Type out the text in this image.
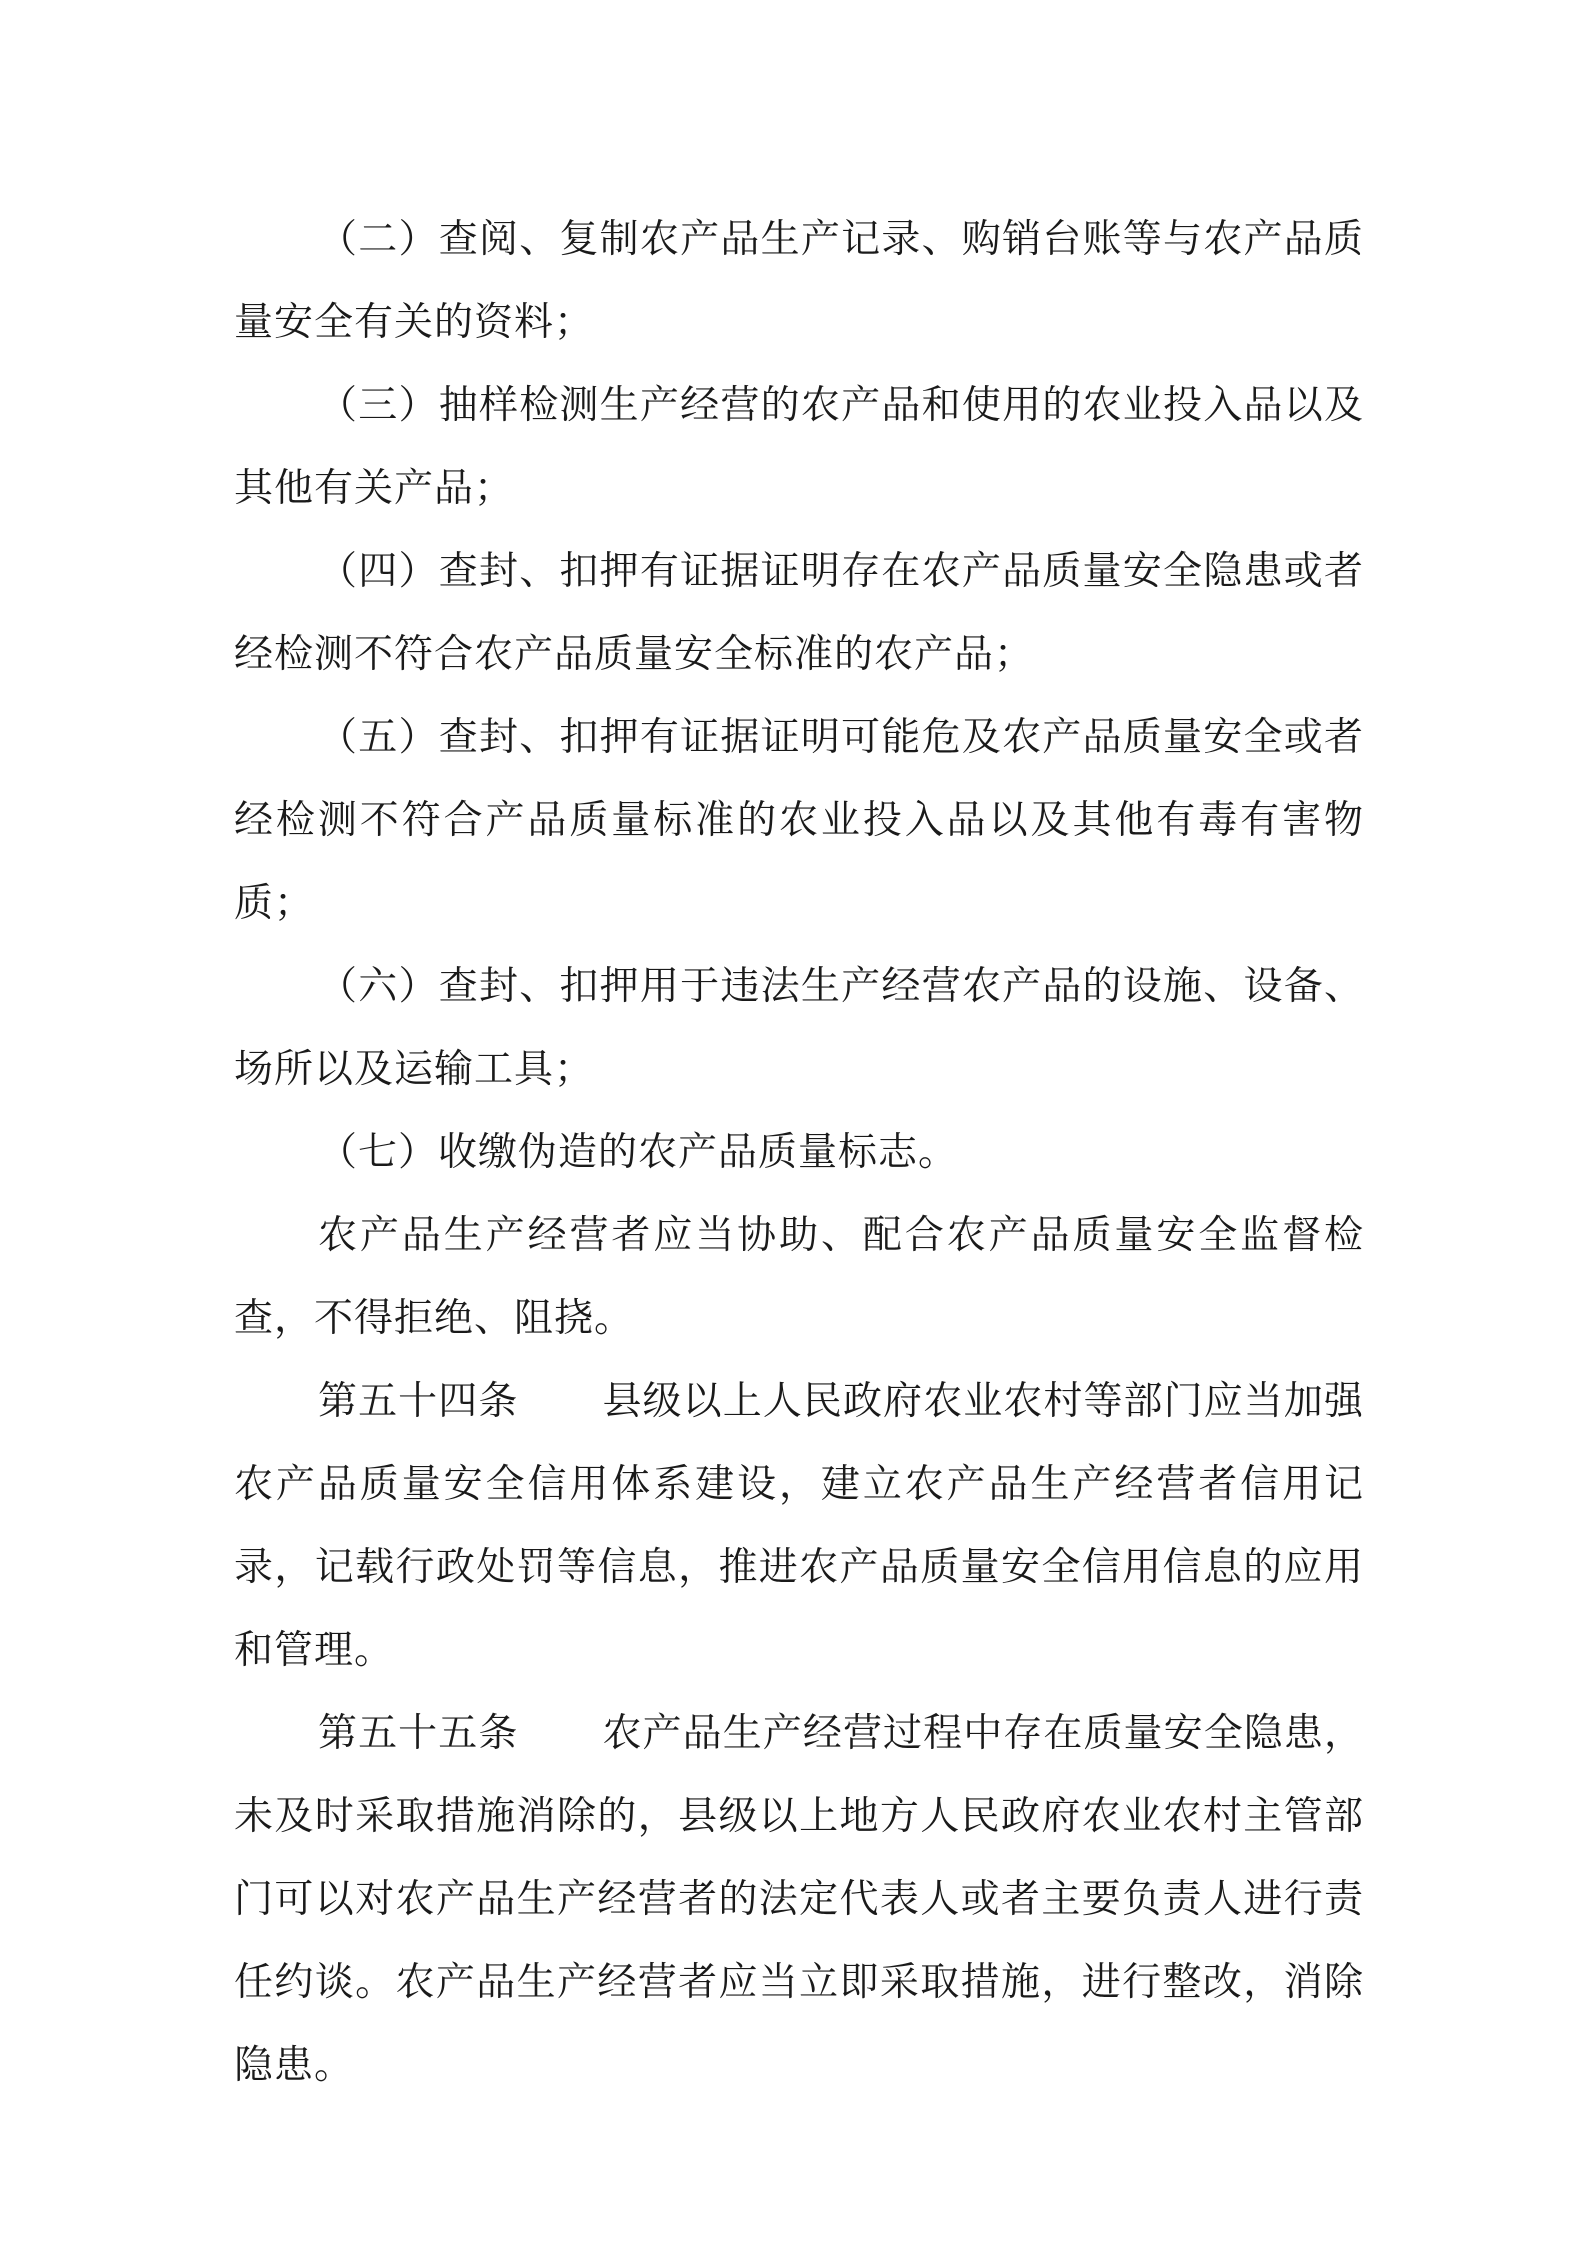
（二）查阅、复制农产品生产记录、购销台账等与农产品质量安全有关的资料；

（三）抽样检测生产经营的农产品和使用的农业投入品以及其他有关产品；

（四）查封、扣押有证据证明存在农产品质量安全隐患或者经检测不符合农产品质量安全标准的农产品；

（五）查封、扣押有证据证明可能危及农产品质量安全或者经检测不符合产品质量标准的农业投入品以及其他有毒有害物质；

（六）查封、扣押用于违法生产经营农产品的设施、设备、场所以及运输工具；

（七）收缴伪造的农产品质量标志。

农产品生产经营者应当协助、配合农产品质量安全监督检查，不得拒绝、阻挠。

第五十四条 县级以上人民政府农业农村等部门应当加强农产品质量安全信用体系建设，建立农产品生产经营者信用记录，记载行政处罚等信息，推进农产品质量安全信用信息的应用和管理。

第五十五条 农产品生产经营过程中存在质量安全隐患，未及时采取措施消除的，县级以上地方人民政府农业农村主管部门可以对农产品生产经营者的法定代表人或者主要负责人进行责任约谈。农产品生产经营者应当立即采取措施，进行整改，消除隐患。
